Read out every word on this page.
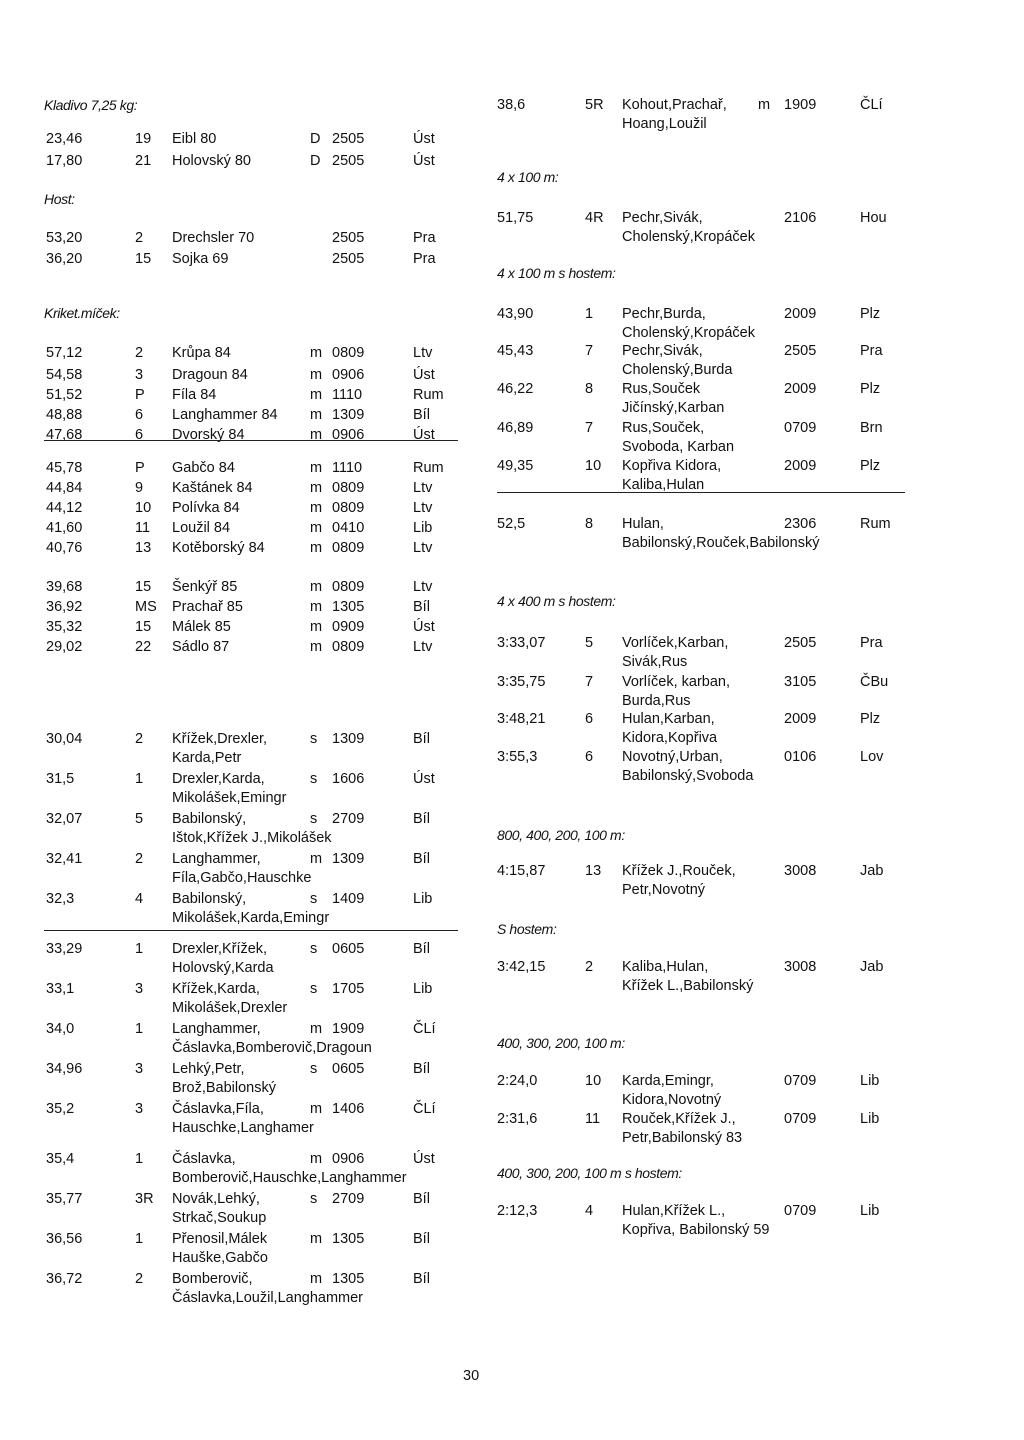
Kladivo 7,25 kg:
23,46	19 Eibl 80	D 2505	Úst
17,80	21 Holovský 80	D 2505	Úst
Host:
53,20	2 Drechsler 70	2505	Pra
36,20	15 Sojka 69	2505	Pra
Kriket.míček:
57,12	2 Krůpa 84	m 0809	Ltv
54,58	3 Dragoun 84	m 0906	Úst
51,52	P Fíla 84	m 1110	Rum
48,88	6 Langhammer 84 m 1309	Bíl
47,68	6 Dvorský 84	m 0906	Úst
45,78	P Gabčo 84	m 1110	Rum
44,84	9 Kaštánek 84	m 0809	Ltv
44,12	10 Polívka 84	m 0809	Ltv
41,60	11 Loužil 84	m 0410	Lib
40,76	13 Kotěborský 84	m 0809	Ltv
39,68	15 Šenkýř 85	m 0809	Ltv
36,92	MS Prachař 85	m 1305	Bíl
35,32	15 Málek 85	m 0909	Úst
29,02	22 Sádlo 87	m 0809	Ltv
30,04	2 Křížek,Drexler,	s 1309	Bíl
Karda,Petr
31,5	1 Drexler,Karda,	s 1606	Úst
Mikolášek,Emingr
32,07	5 Babilonský,	s 2709	Bíl
Ištok,Křížek J.,Mikolášek
32,41	2 Langhammer,	m 1309	Bíl
Fíla,Gabčo,Hauschke
32,3	4 Babilonský,	s 1409	Lib
Mikolášek,Karda,Emingr
33,29	1 Drexler,Křížek,	s 0605	Bíl
Holovský,Karda
33,1	3 Křížek,Karda,	s 1705	Lib
Mikolášek,Drexler
34,0	1 Langhammer,	m 1909	ČLí
Čáslavka,Bomberovič,Dragoun
34,96	3 Lehký,Petr,	s 0605	Bíl
Brož,Babilonský
35,2	3 Čáslavka,Fíla,	m 1406	ČLí
Hauschke,Langhamer
35,4	1 Čáslavka,	m 0906	Úst
Bomberovič,Hauschke,Langhammer
35,77	3R Novák,Lehký,	s 2709	Bíl
Strkač,Soukup
36,56	1 Přenosil,Málek	m 1305	Bíl
Hauške,Gabčo
36,72	2 Bomberovič,	m 1305	Bíl
Čáslavka,Loužil,Langhammer
38,6	5R Kohout,Prachař, m 1909	ČLí
Hoang,Loužil
4 x 100 m:
51,75	4R Pechr,Sivák,	2106	Hou
Cholenský,Kropáček
4 x 100 m s hostem:
43,90	1 Pechr,Burda,	2009	Plz
Cholenský,Kropáček
45,43	7 Pechr,Sivák,	2505	Pra
Cholenský,Burda
46,22	8 Rus,Souček	2009	Plz
Jičínský,Karban
46,89	7 Rus,Souček,	0709	Brn
Svoboda, Karban
49,35	10 Kopřiva Kidora,	2009	Plz
Kaliba,Hulan
52,5	8 Hulan,	2306	Rum
Babilonský,Rouček,Babilonský
4 x 400 m s hostem:
3:33,07	5 Vorlíček,Karban,	2505	Pra
Sivák,Rus
3:35,75	7 Vorlíček, karban,	3105	ČBu
Burda,Rus
3:48,21	6 Hulan,Karban,	2009	Plz
Kidora,Kopřiva
3:55,3	6 Novotný,Urban,	0106	Lov
Babilonský,Svoboda
800, 400, 200, 100 m:
4:15,87	13 Křížek J.,Rouček,	3008	Jab
Petr,Novotný
S hostem:
3:42,15	2 Kaliba,Hulan,	3008	Jab
Křížek L.,Babilonský
400, 300, 200, 100 m:
2:24,0	10 Karda,Emingr,	0709	Lib
Kidora,Novotný
2:31,6	11 Rouček,Křížek J.,	0709	Lib
Petr,Babilonský 83
400, 300, 200, 100 m s hostem:
2:12,3	4 Hulan,Křížek L.,	0709	Lib
Kopřiva, Babilonský 59
30
